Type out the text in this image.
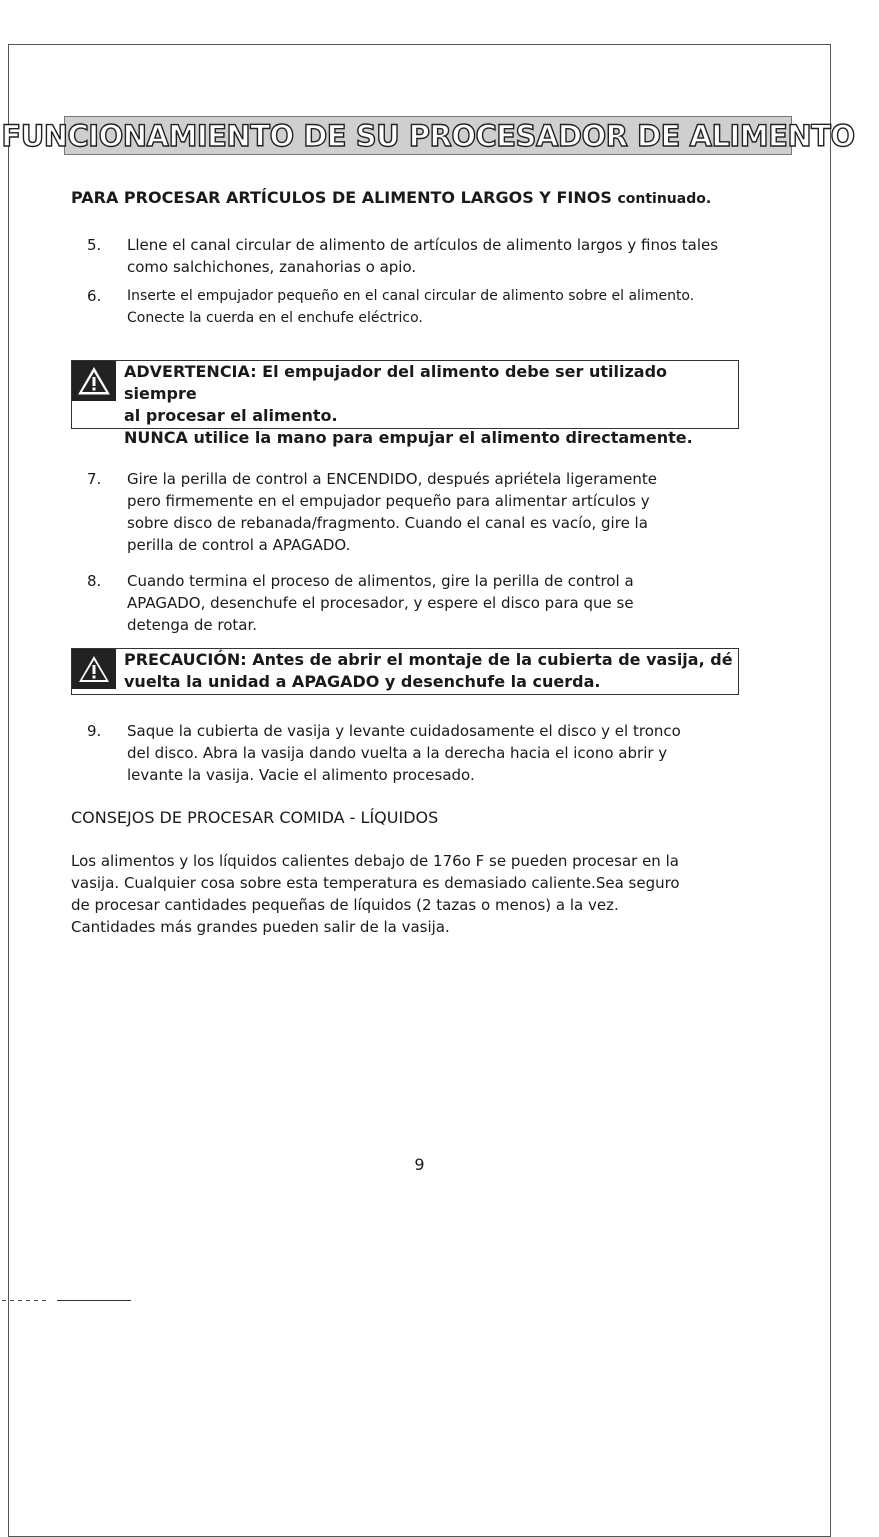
FUNCIONAMIENTO DE SU PROCESADOR DE ALIMENTO
PARA PROCESAR ARTÍCULOS DE ALIMENTO LARGOS Y FINOS continuado.
5. Llene el canal circular de alimento de artículos de alimento largos y finos tales
como salchichones, zanahorias o apio.
6. Inserte el empujador pequeño en el canal circular de alimento sobre el alimento.
Conecte la cuerda en el enchufe eléctrico.
ADVERTENCIA: El empujador del alimento debe ser utilizado siempre
al procesar el alimento.
NUNCA utilice la mano para empujar el alimento directamente.
7. Gire la perilla de control a ENCENDIDO, después apriétela ligeramente
pero firmemente en el empujador pequeño para alimentar artículos y
sobre disco de rebanada/fragmento. Cuando el canal es vacío, gire la
perilla de control a APAGADO.
8. Cuando termina el proceso de alimentos, gire la perilla de control a
APAGADO, desenchufe el procesador, y espere el disco para que se
detenga de rotar.
PRECAUCIÓN: Antes de abrir el montaje de la cubierta de vasija, dé
vuelta la unidad a APAGADO y desenchufe la cuerda.
9. Saque la cubierta de vasija y levante cuidadosamente el disco y el tronco
del disco. Abra la vasija dando vuelta a la derecha hacia el icono abrir y
levante la vasija. Vacie el alimento procesado.
CONSEJOS DE PROCESAR COMIDA - LÍQUIDOS
Los alimentos y los líquidos calientes debajo de 176o F se pueden procesar en la
vasija. Cualquier cosa sobre esta temperatura es demasiado caliente.Sea seguro
de procesar cantidades pequeñas de líquidos (2 tazas o menos) a la vez.
Cantidades más grandes pueden salir de la vasija.
9
